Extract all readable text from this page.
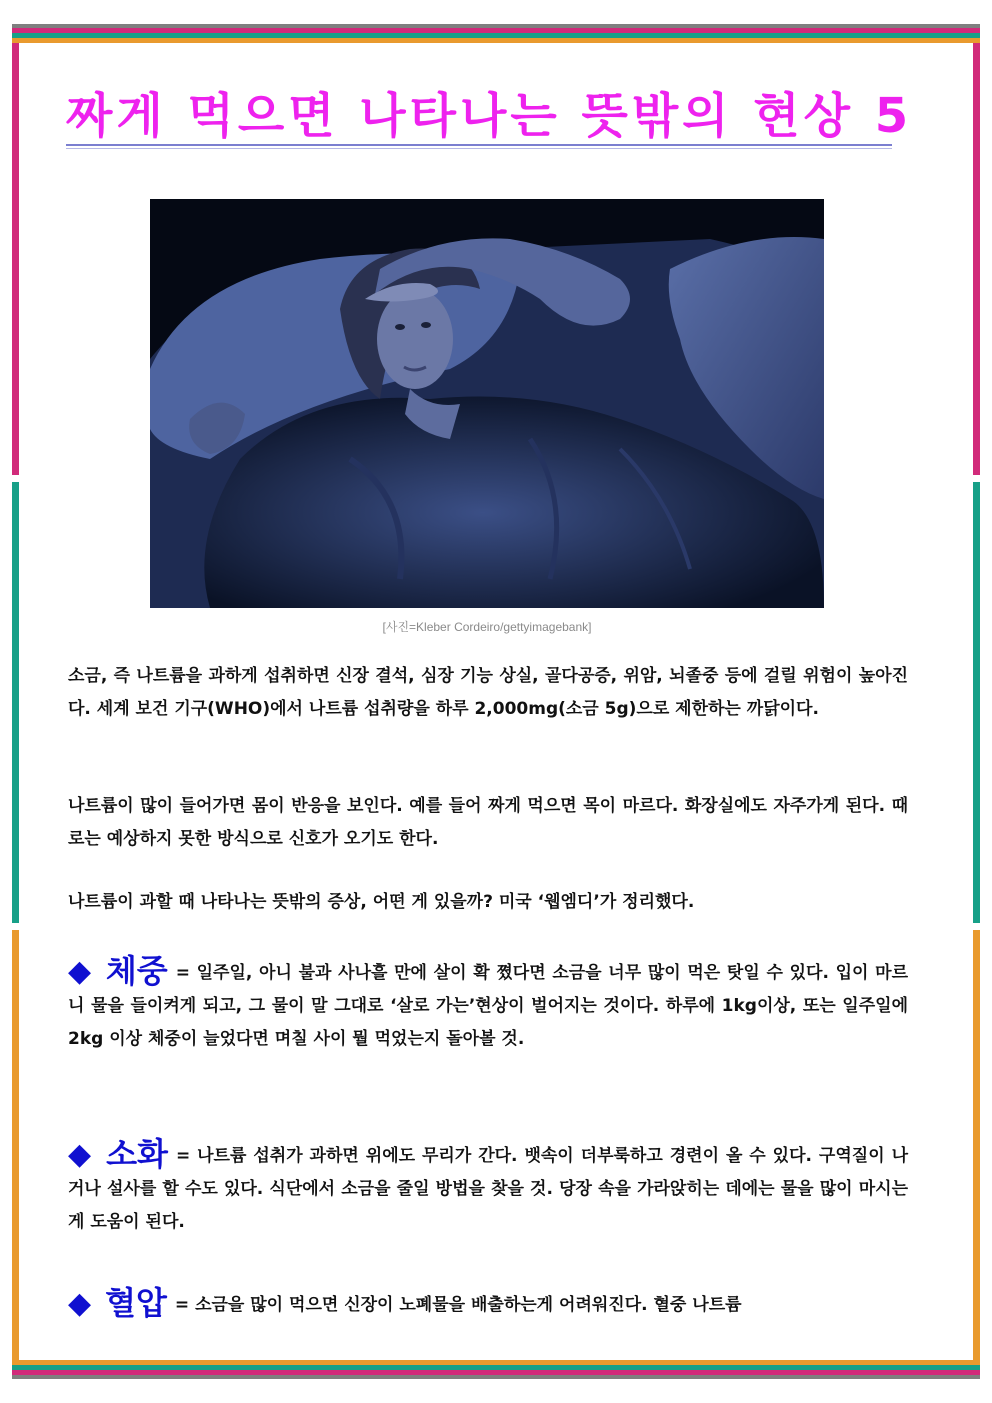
짜게 먹으면 나타나는 뜻밖의 현상 5
[사진=Kleber Cordeiro/gettyimagebank]

소금, 즉 나트륨을 과하게 섭취하면 신장 결석, 심장 기능 상실, 골다공증, 위암, 뇌졸중 등에 걸릴 위험이 높아진다. 세계 보건 기구(WHO)에서 나트륨 섭취량을 하루 2,000mg(소금 5g)으로 제한하는 까닭이다.

나트륨이 많이 들어가면 몸이 반응을 보인다. 예를 들어 짜게 먹으면 목이 마르다. 화장실에도 자주가게 된다. 때로는 예상하지 못한 방식으로 신호가 오기도 한다.

나트륨이 과할 때 나타나는 뜻밖의 증상, 어떤 게 있을까? 미국 ‘웹엠디’가 정리했다.

◆ 체중 = 일주일, 아니 불과 사나흘 만에 살이 확 쪘다면 소금을 너무 많이 먹은 탓일 수 있다. 입이 마르니 물을 들이켜게 되고, 그 물이 말 그대로 ‘살로 가는’현상이 벌어지는 것이다. 하루에 1kg이상, 또는 일주일에 2kg 이상 체중이 늘었다면 며칠 사이 뭘 먹었는지 돌아볼 것.

◆ 소화 = 나트륨 섭취가 과하면 위에도 무리가 간다. 뱃속이 더부룩하고 경련이 올 수 있다. 구역질이 나거나 설사를 할 수도 있다. 식단에서 소금을 줄일 방법을 찾을 것. 당장 속을 가라앉히는 데에는 물을 많이 마시는 게 도움이 된다.

◆ 혈압 = 소금을 많이 먹으면 신장이 노폐물을 배출하는게 어려워진다. 혈중 나트륨
